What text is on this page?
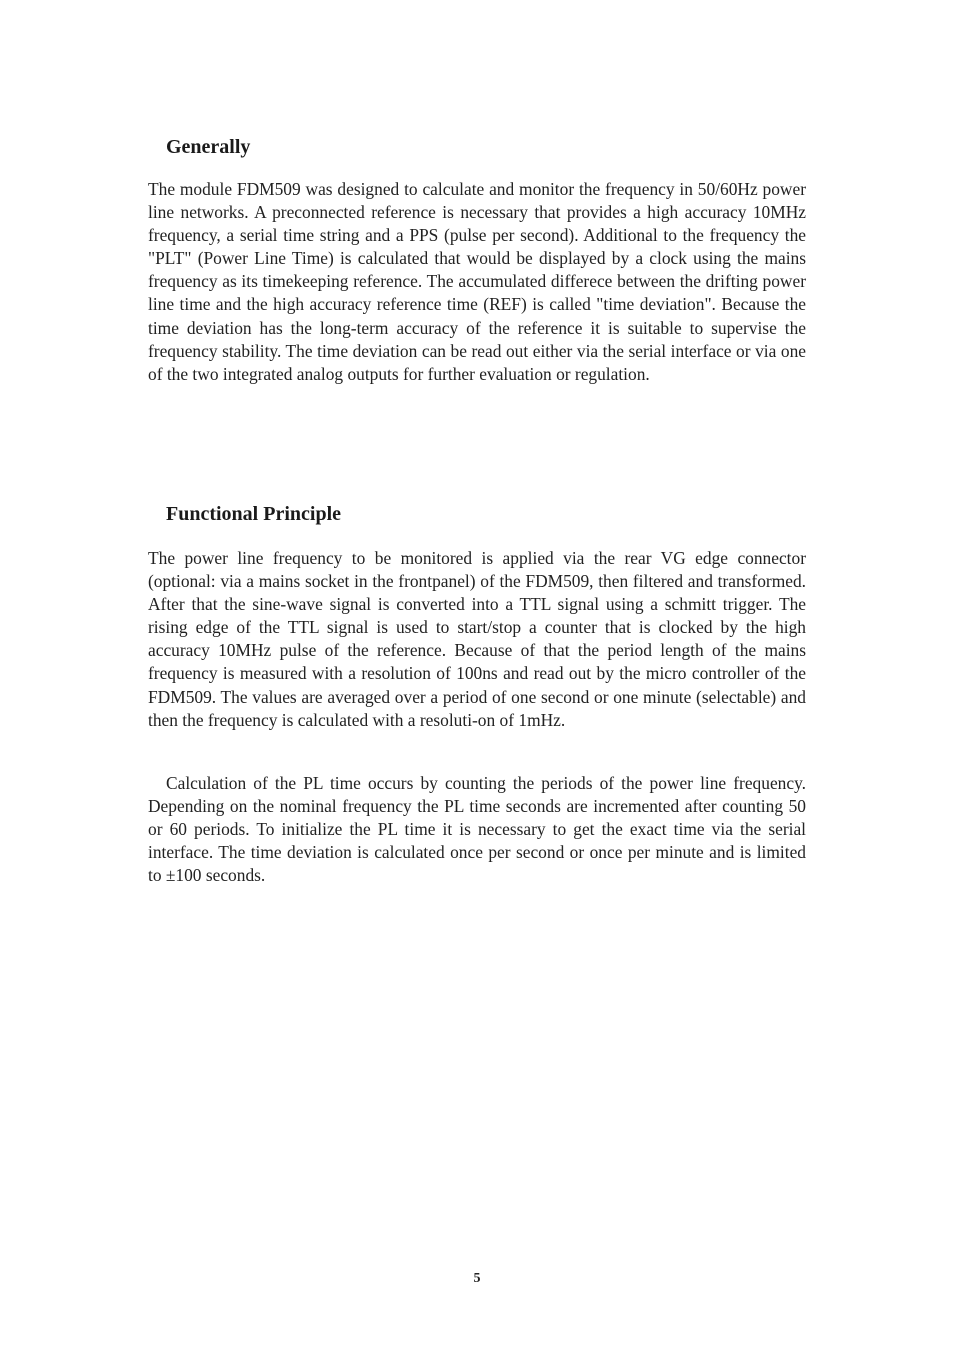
Generally

The module FDM509 was designed to calculate and monitor the frequency in 50/60Hz power line networks. A preconnected reference is necessary that provides a high accuracy 10MHz frequency, a serial time string and a PPS (pulse per second). Additional to the frequency the "PLT" (Power Line Time) is calculated that would be displayed by a clock using the mains frequency as its timekeeping reference. The accumulated differece between the drifting power line time and the high accuracy reference time (REF) is called "time deviation". Because the time deviation has the long-term accuracy of the reference it is suitable to supervise the frequency stability. The time deviation can be read out either via the serial interface or via one of the two integrated analog outputs for further evaluation or regulation.

Functional Principle

The power line frequency to be monitored is applied via the rear VG edge connector (optional: via a mains socket in the frontpanel) of the FDM509, then filtered and transformed. After that the sine-wave signal is converted into a TTL signal using a schmitt trigger. The rising edge of the TTL signal is used to start/stop a counter that is clocked by the high accuracy 10MHz pulse of the reference. Because of that the period length of the mains frequency is measured with a resolution of 100ns and read out by the micro controller of the FDM509. The values are averaged over a period of one second or one minute (selectable) and then the frequency is calculated with a resoluti-on of 1mHz.

Calculation of the PL time occurs by counting the periods of the power line frequency. Depending on the nominal frequency the PL time seconds are incremented after counting 50 or 60 periods. To initialize the PL time it is necessary to get the exact time via the serial interface. The time deviation is calculated once per second or once per minute and is limited to ±100 seconds.

5
